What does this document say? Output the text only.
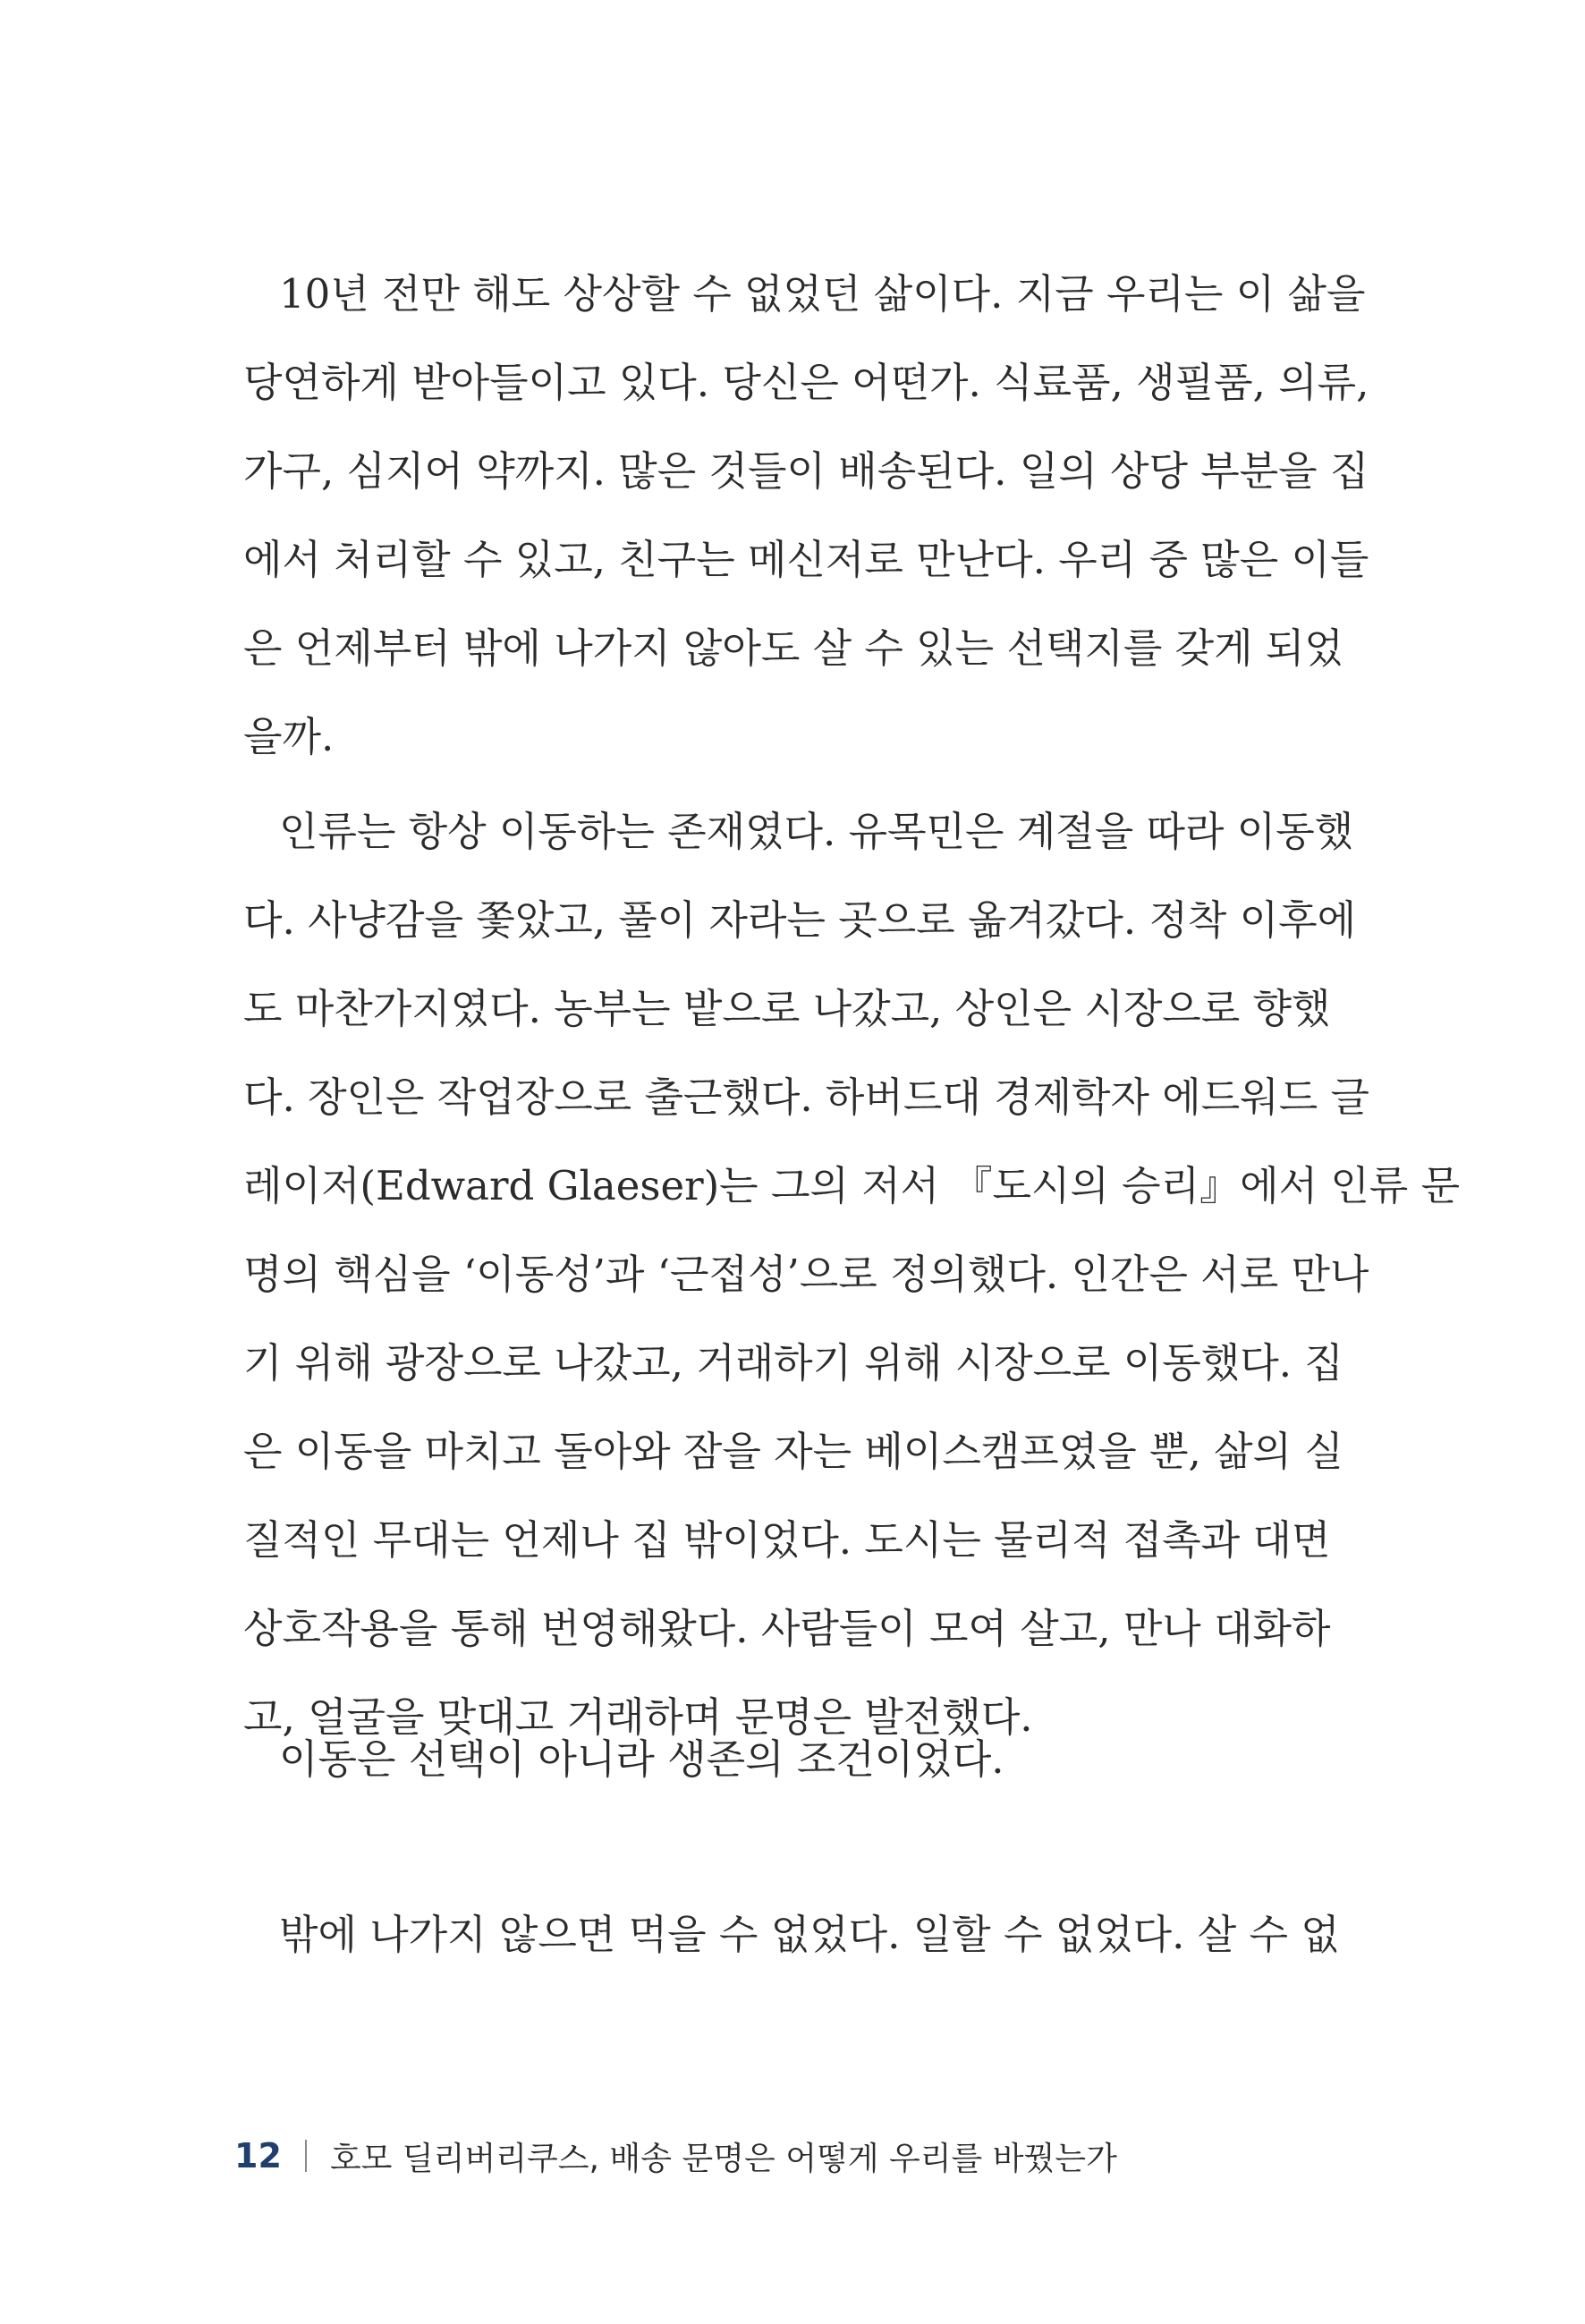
10년 전만 해도 상상할 수 없었던 삶이다. 지금 우리는 이 삶을
당연하게 받아들이고 있다. 당신은 어떤가. 식료품, 생필품, 의류,
가구, 심지어 약까지. 많은 것들이 배송된다. 일의 상당 부분을 집
에서 처리할 수 있고, 친구는 메신저로 만난다. 우리 중 많은 이들
은 언제부터 밖에 나가지 않아도 살 수 있는 선택지를 갖게 되었
을까.
인류는 항상 이동하는 존재였다. 유목민은 계절을 따라 이동했
다. 사냥감을 쫓았고, 풀이 자라는 곳으로 옮겨갔다. 정착 이후에
도 마찬가지였다. 농부는 밭으로 나갔고, 상인은 시장으로 향했
다. 장인은 작업장으로 출근했다. 하버드대 경제학자 에드워드 글
레이저(Edward Glaeser)는 그의 저서 『도시의 승리』에서 인류 문
명의 핵심을 ‘이동성’과 ‘근접성’으로 정의했다. 인간은 서로 만나
기 위해 광장으로 나갔고, 거래하기 위해 시장으로 이동했다. 집
은 이동을 마치고 돌아와 잠을 자는 베이스캠프였을 뿐, 삶의 실
질적인 무대는 언제나 집 밖이었다. 도시는 물리적 접촉과 대면
상호작용을 통해 번영해왔다. 사람들이 모여 살고, 만나 대화하
고, 얼굴을 맞대고 거래하며 문명은 발전했다.
이동은 선택이 아니라 생존의 조건이었다.
밖에 나가지 않으면 먹을 수 없었다. 일할 수 없었다. 살 수 없
12 호모 딜리버리쿠스, 배송 문명은 어떻게 우리를 바꿨는가
